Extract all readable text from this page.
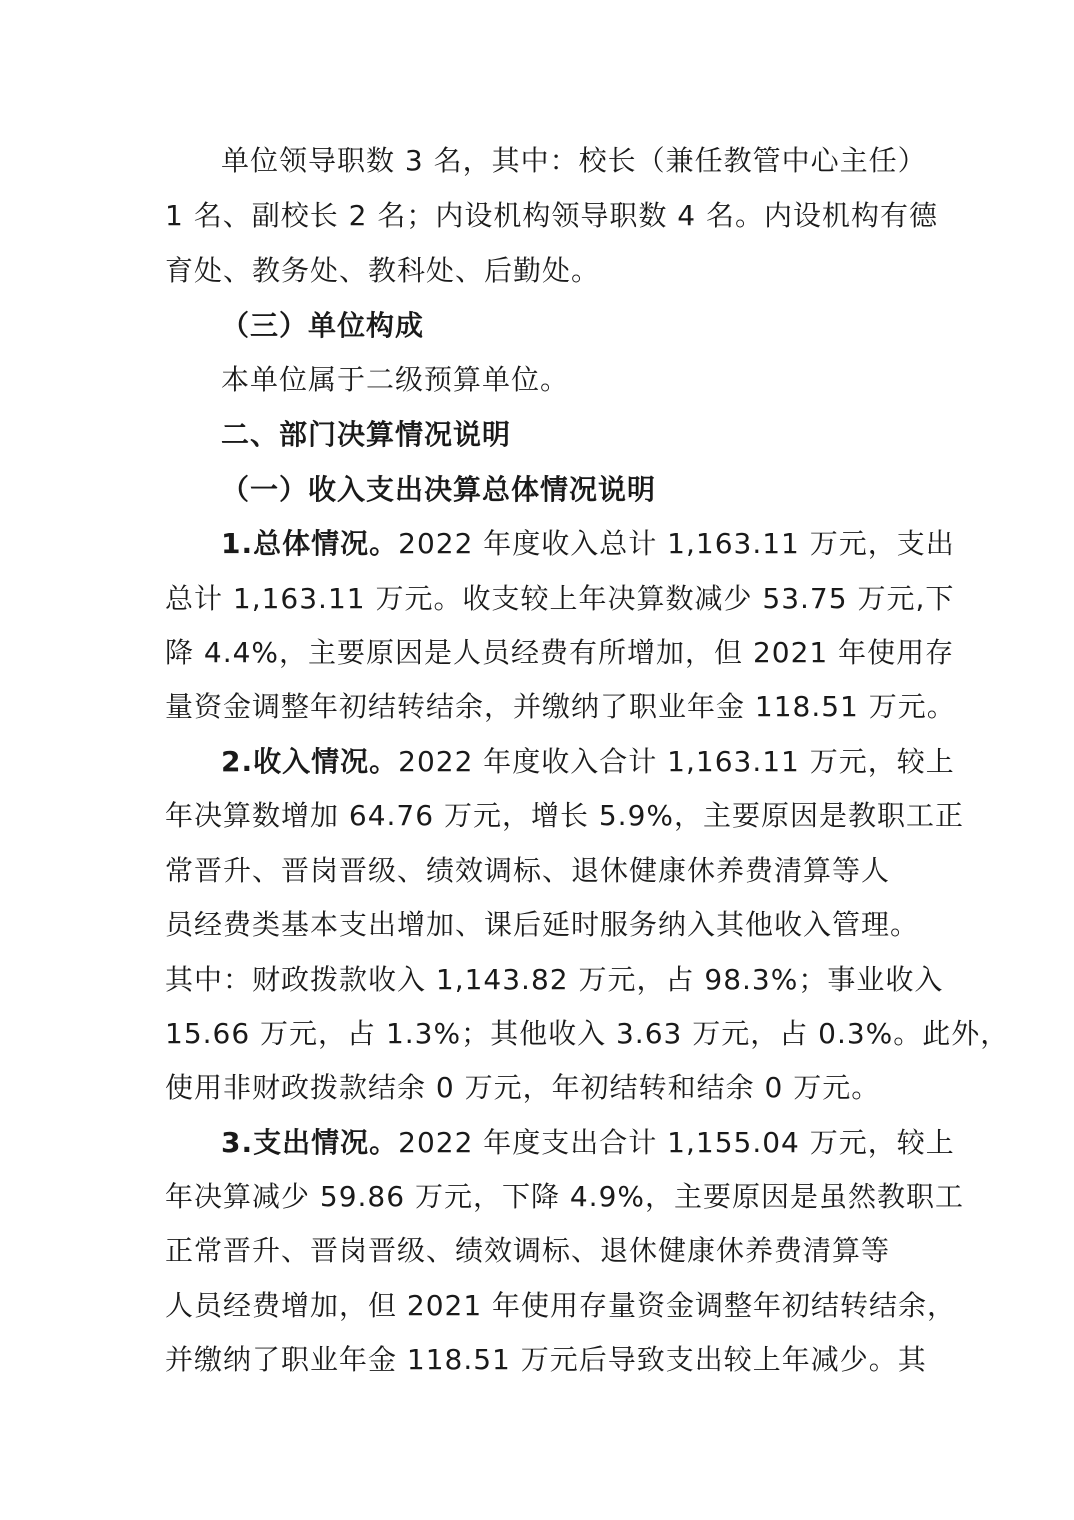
单位领导职数 3 名，其中：校长（兼任教管中心主任）
1 名、副校长 2 名；内设机构领导职数 4 名。内设机构有德
育处、教务处、教科处、后勤处。
（三）单位构成
本单位属于二级预算单位。
二、部门决算情况说明
（一）收入支出决算总体情况说明
1.总体情况。2022 年度收入总计 1,163.11 万元，支出
总计 1,163.11 万元。收支较上年决算数减少 53.75 万元,下
降 4.4%，主要原因是人员经费有所增加，但 2021 年使用存
量资金调整年初结转结余，并缴纳了职业年金 118.51 万元。
2.收入情况。2022 年度收入合计 1,163.11 万元，较上
年决算数增加 64.76 万元，增长 5.9%，主要原因是教职工正
常晋升、晋岗晋级、绩效调标、退休健康休养费清算等人
员经费类基本支出增加、课后延时服务纳入其他收入管理。
其中：财政拨款收入 1,143.82 万元，占 98.3%；事业收入
15.66 万元，占 1.3%；其他收入 3.63 万元，占 0.3%。此外，
使用非财政拨款结余 0 万元，年初结转和结余 0 万元。
3.支出情况。2022 年度支出合计 1,155.04 万元，较上
年决算减少 59.86 万元，下降 4.9%，主要原因是虽然教职工
正常晋升、晋岗晋级、绩效调标、退休健康休养费清算等
人员经费增加，但 2021 年使用存量资金调整年初结转结余，
并缴纳了职业年金 118.51 万元后导致支出较上年减少。其
